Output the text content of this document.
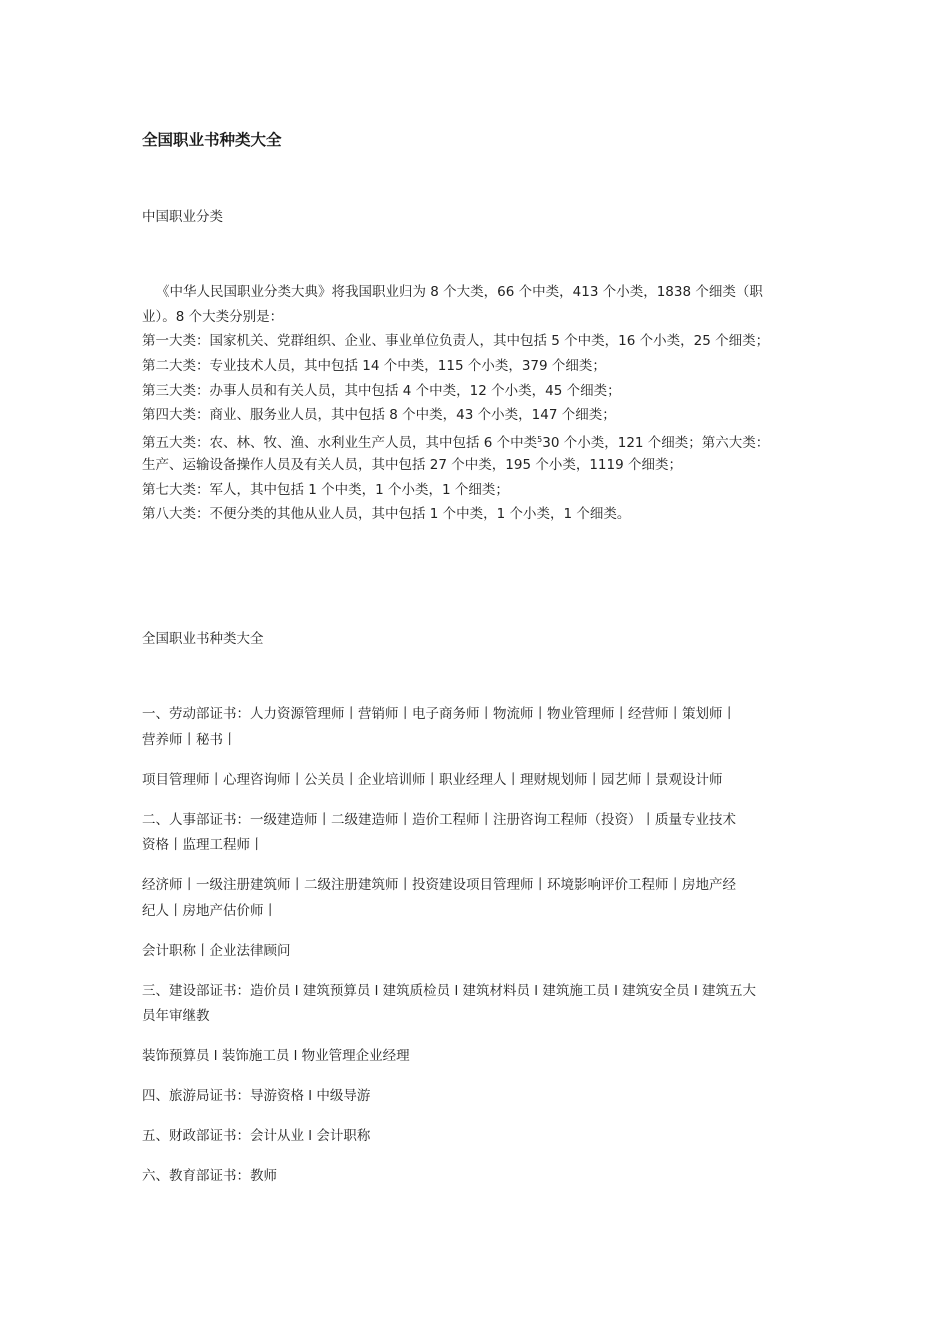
全国职业书种类大全
中国职业分类
《中华人民国职业分类大典》将我国职业归为 8 个大类，66 个中类，413 个小类，1838 个细类（职
业）。8 个大类分别是：
第一大类：国家机关、党群组织、企业、事业单位负责人，其中包括 5 个中类，16 个小类，25 个细类；
第二大类：专业技术人员，其中包括 14 个中类，115 个小类，379 个细类；
第三大类：办事人员和有关人员，其中包括 4 个中类，12 个小类，45 个细类；
第四大类：商业、服务业人员，其中包括 8 个中类，43 个小类，147 个细类；
第五大类：农、林、牧、渔、水利业生产人员，其中包括 6 个中类$^5$30 个小类，121 个细类；第六大类：
生产、运输设备操作人员及有关人员，其中包括 27 个中类，195 个小类，1119 个细类；
第七大类：军人，其中包括 1 个中类，1 个小类，1 个细类；
第八大类：不便分类的其他从业人员，其中包括 1 个中类，1 个小类，1 个细类。
全国职业书种类大全
一、劳动部证书：人力资源管理师丨营销师丨电子商务师丨物流师丨物业管理师丨经营师丨策划师丨
营养师丨秘书丨
项目管理师丨心理咨询师丨公关员丨企业培训师丨职业经理人丨理财规划师丨园艺师丨景观设计师
二、人事部证书：一级建造师丨二级建造师丨造价工程师丨注册咨询工程师（投资）丨质量专业技术
资格丨监理工程师丨
经济师丨一级注册建筑师丨二级注册建筑师丨投资建设项目管理师丨环境影响评价工程师丨房地产经
纪人丨房地产估价师丨
会计职称丨企业法律顾问
三、建设部证书：造价员 l 建筑预算员 l 建筑质检员 l 建筑材料员 l 建筑施工员 l 建筑安全员 l 建筑五大
员年审继教
装饰预算员 l 装饰施工员 l 物业管理企业经理
四、旅游局证书：导游资格 l 中级导游
五、财政部证书：会计从业 l 会计职称
六、教育部证书：教师
